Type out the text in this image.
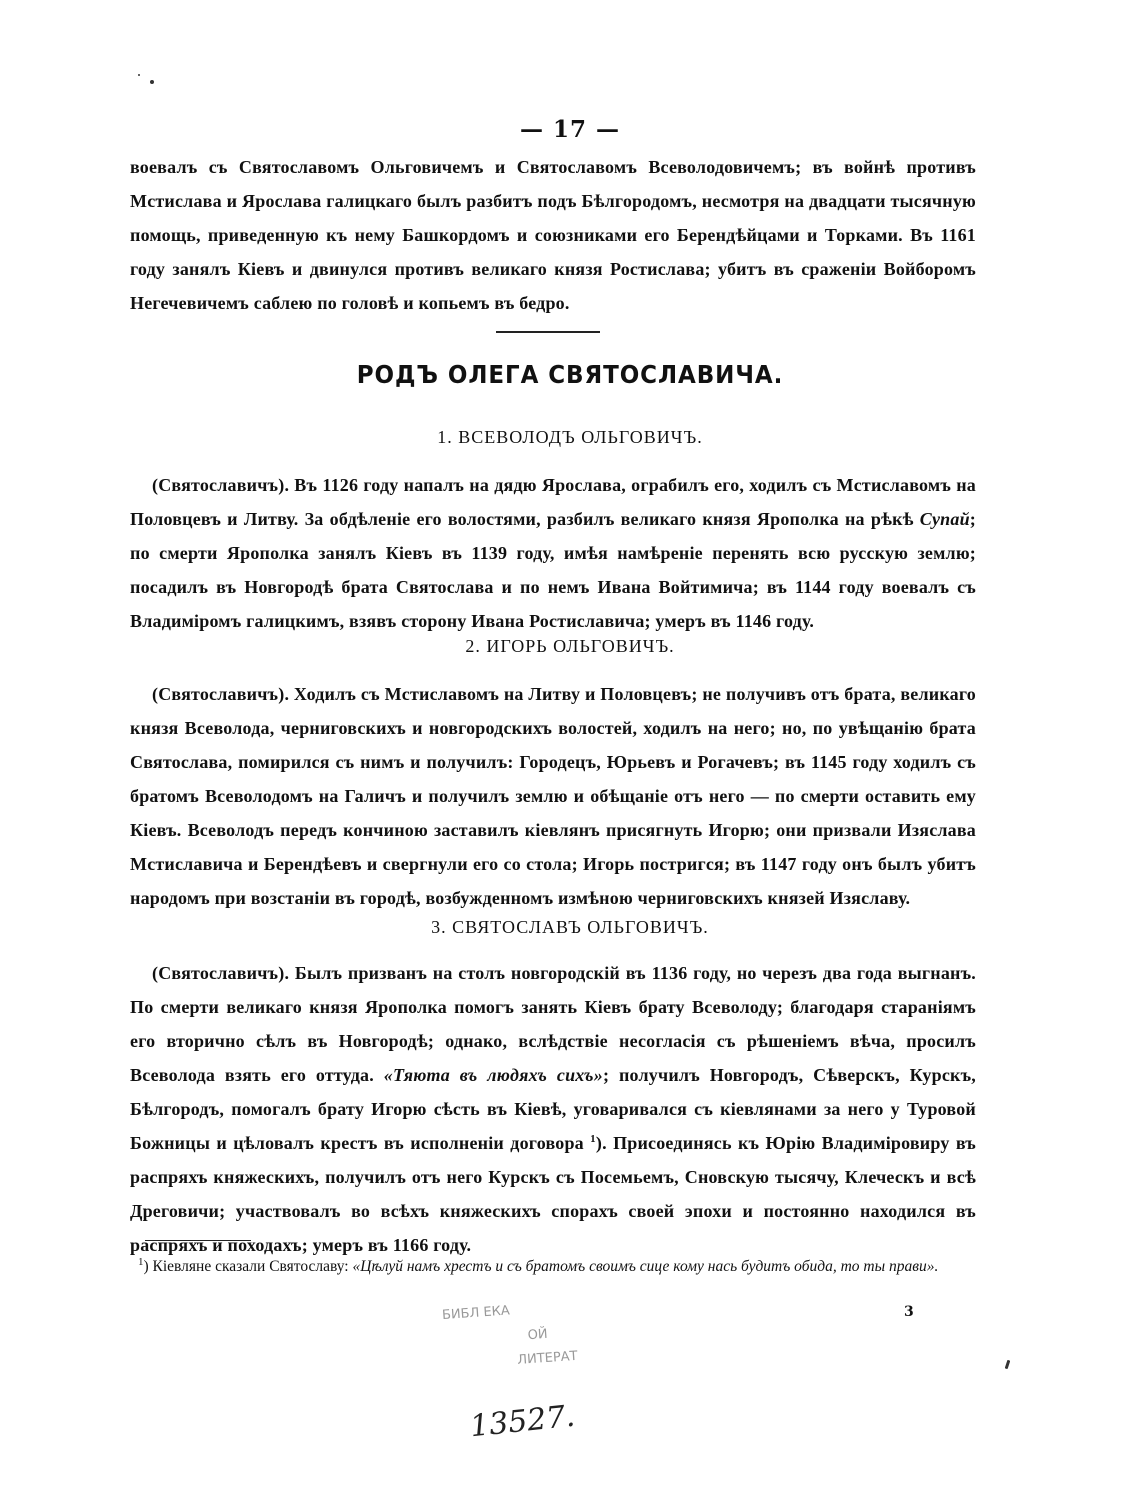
— 17 —

воевалъ съ Святославомъ Ольговичемъ и Святославомъ Всеволодовичемъ; въ войнѣ противъ Мстислава и Ярослава галицкаго былъ разбитъ подъ Бѣлгородомъ, несмотря на двадцати тысячную помощь, приведенную къ нему Башкордомъ и союзниками его Берендѣйцами и Торками. Въ 1161 году занялъ Кіевъ и двинулся противъ великаго князя Ростислава; убитъ въ сраженіи Войборомъ Негечевичемъ саблею по головѣ и копьемъ въ бедро.

РОДЪ ОЛЕГА СВЯТОСЛАВИЧА.
1. ВСЕВОЛОДЪ ОЛЬГОВИЧЪ.

(Святославичъ). Въ 1126 году напалъ на дядю Ярослава, ограбилъ его, ходилъ съ Мстиславомъ на Половцевъ и Литву. За обдѣленіе его волостями, разбилъ великаго князя Ярополка на рѣкѣ Супай; по смерти Ярополка занялъ Кіевъ въ 1139 году, имѣя намѣреніе перенять всю русскую землю; посадилъ въ Новгородѣ брата Святослава и по немъ Ивана Войтимича; въ 1144 году воевалъ съ Владиміромъ галицкимъ, взявъ сторону Ивана Ростиславича; умеръ въ 1146 году.

2. ИГОРЬ ОЛЬГОВИЧЪ.

(Святославичъ). Ходилъ съ Мстиславомъ на Литву и Половцевъ; не получивъ отъ брата, великаго князя Всеволода, черниговскихъ и новгородскихъ волостей, ходилъ на него; но, по увѣщанію брата Святослава, помирился съ нимъ и получилъ: Городецъ, Юрьевъ и Рогачевъ; въ 1145 году ходилъ съ братомъ Всеволодомъ на Галичъ и получилъ землю и обѣщаніе отъ него — по смерти оставить ему Кіевъ. Всеволодъ передъ кончиною заставилъ кіевлянъ присягнуть Игорю; они призвали Изяслава Мстиславича и Берендѣевъ и свергнули его со стола; Игорь постригся; въ 1147 году онъ былъ убитъ народомъ при возстаніи въ городѣ, возбужденномъ измѣною черниговскихъ князей Изяславу.

3. СВЯТОСЛАВЪ ОЛЬГОВИЧЪ.

(Святославичъ). Былъ призванъ на столъ новгородскій въ 1136 году, но черезъ два года выгнанъ. По смерти великаго князя Ярополка помогъ занять Кіевъ брату Всеволоду; благодаря стараніямъ его вторично сѣлъ въ Новгородѣ; однако, вслѣдствіе несогласія съ рѣшеніемъ вѣча, просилъ Всеволода взять его оттуда. «Тяюта въ людяхъ сихъ»; получилъ Новгородъ, Сѣверскъ, Курскъ, Бѣлгородъ, помогалъ брату Игорю сѣсть въ Кіевѣ, уговаривался съ кіевлянами за него у Туровой Божницы и цѣловалъ крестъ въ исполненіи договора $^1$). Присоединясь къ Юрію Владиміровиру въ распряхъ княжескихъ, получилъ отъ него Курскъ съ Посемьемъ, Сновскую тысячу, Клеческъ и всѣ Дреговичи; участвовалъ во всѣхъ княжескихъ спорахъ своей эпохи и постоянно находился въ распряхъ и походахъ; умеръ въ 1166 году.

$^1$) Кіевляне сказали Святославу: «Цѣлуй намъ хрестъ и съ братомъ своимъ сице кому нась будитъ обида, то ты прави».

3
БИБЛ ЕКА
ОЙ
ЛИТЕРАТ
13527.
